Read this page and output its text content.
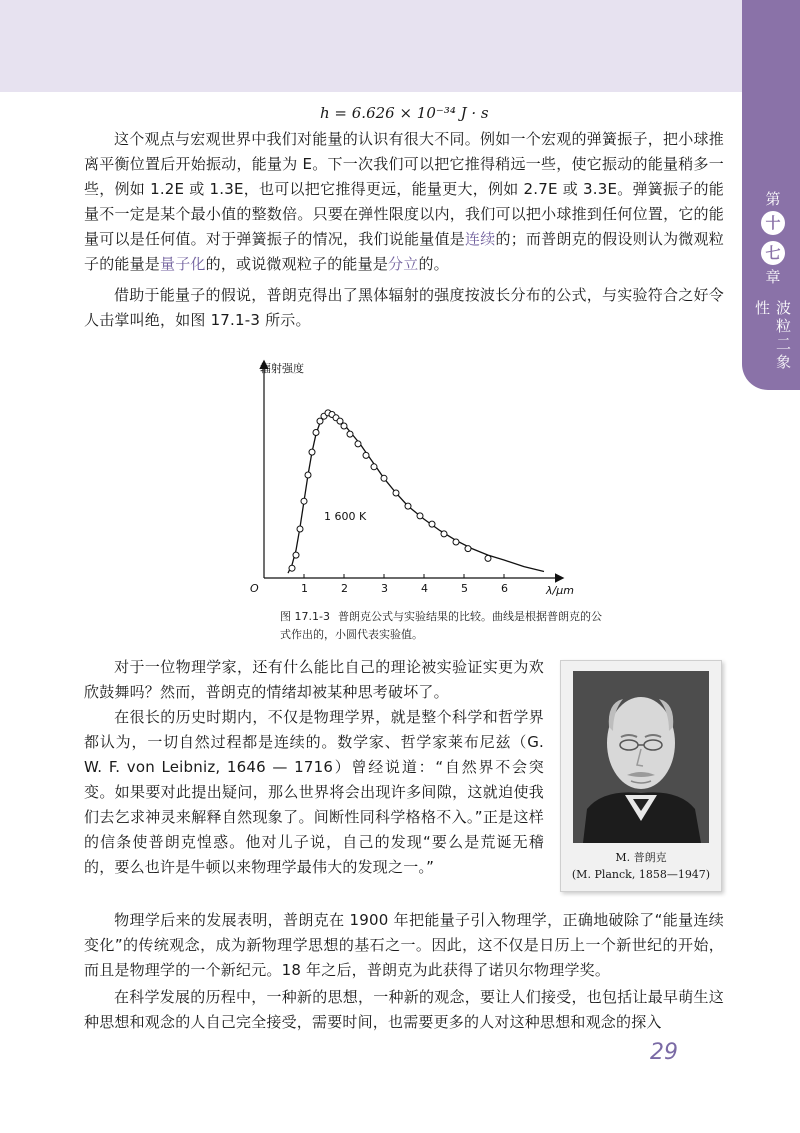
第
十
七
章
波粒二象性
h = 6.626 × 10⁻³⁴ J · s
这个观点与宏观世界中我们对能量的认识有很大不同。例如一个宏观的弹簧振子，把小球推离平衡位置后开始振动，能量为 E。下一次我们可以把它推得稍远一些，使它振动的能量稍多一些，例如 1.2E 或 1.3E，也可以把它推得更远，能量更大，例如 2.7E 或 3.3E。弹簧振子的能量不一定是某个最小值的整数倍。只要在弹性限度以内，我们可以把小球推到任何位置，它的能量可以是任何值。对于弹簧振子的情况，我们说能量值是连续的；而普朗克的假设则认为微观粒子的能量是量子化的，或说微观粒子的能量是分立的。
借助于能量子的假说，普朗克得出了黑体辐射的强度按波长分布的公式，与实验符合之好令人击掌叫绝，如图 17.1-3 所示。
辐射强度
λ/μm
O
1 600 K
1	2	3	4	5	6
图 17.1-3 普朗克公式与实验结果的比较。曲线是根据普朗克的公式作出的，小圆代表实验值。
对于一位物理学家，还有什么能比自己的理论被实验证实更为欢欣鼓舞吗？然而，普朗克的情绪却被某种思考破坏了。
在很长的历史时期内，不仅是物理学界，就是整个科学和哲学界都认为，一切自然过程都是连续的。数学家、哲学家莱布尼兹（G. W. F. von Leibniz, 1646 — 1716）曾经说道：“自然界不会突变。如果要对此提出疑问，那么世界将会出现许多间隙，这就迫使我们去乞求神灵来解释自然现象了。间断性同科学格格不入。”正是这样的信条使普朗克惶惑。他对儿子说，自己的发现“要么是荒诞无稽的，要么也许是牛顿以来物理学最伟大的发现之一。”
M. 普朗克
(M. Planck, 1858—1947)
物理学后来的发展表明，普朗克在 1900 年把能量子引入物理学，正确地破除了“能量连续变化”的传统观念，成为新物理学思想的基石之一。因此，这不仅是日历上一个新世纪的开始，而且是物理学的一个新纪元。18 年之后，普朗克为此获得了诺贝尔物理学奖。
在科学发展的历程中，一种新的思想，一种新的观念，要让人们接受，也包括让最早萌生这种思想和观念的人自己完全接受，需要时间，也需要更多的人对这种思想和观念的探入
29
